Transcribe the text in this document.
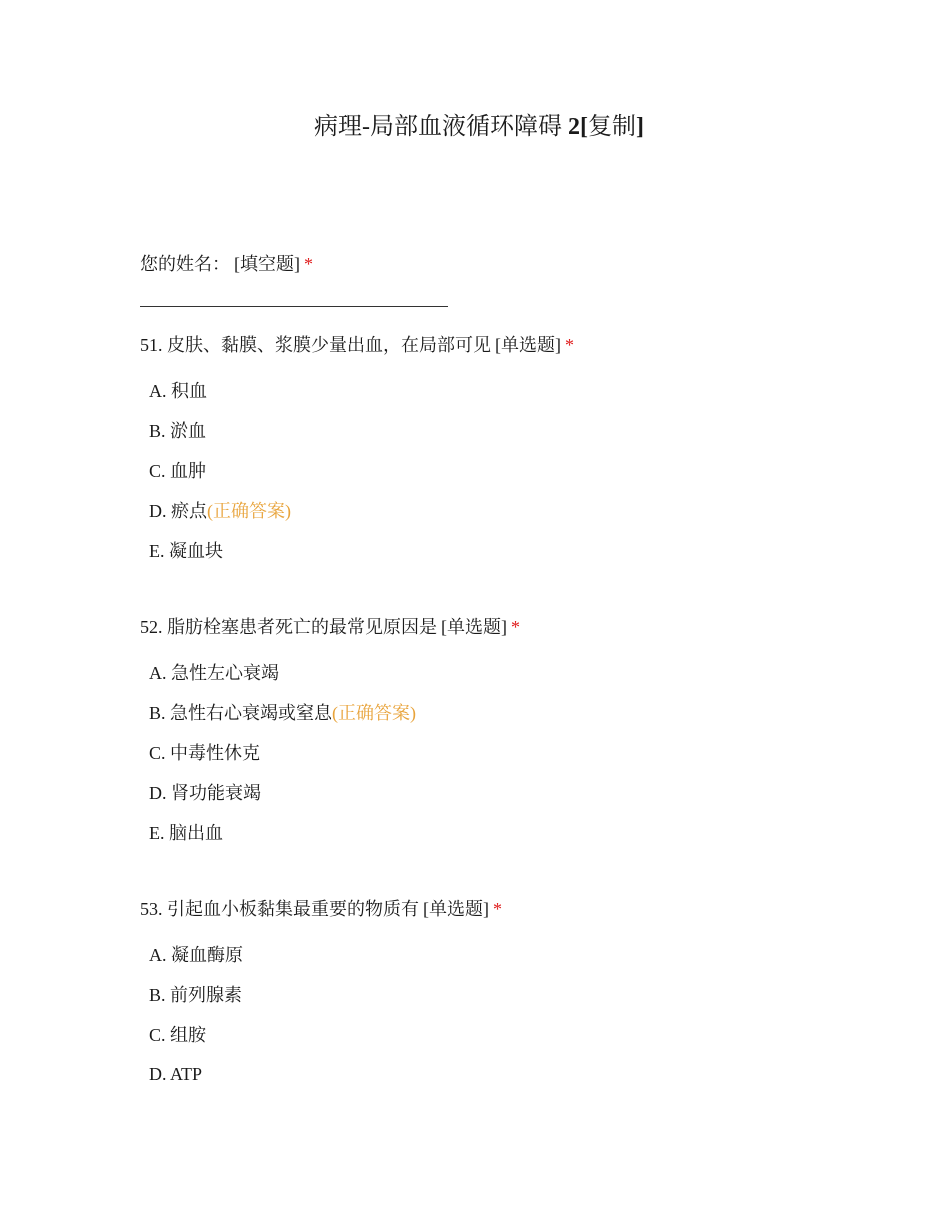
病理-局部血液循环障碍 2[复制]
您的姓名： [填空题] *
51. 皮肤、黏膜、浆膜少量出血，在局部可见 [单选题] *
A. 积血
B. 淤血
C. 血肿
D. 瘀点(正确答案)
E. 凝血块
52. 脂肪栓塞患者死亡的最常见原因是 [单选题] *
A. 急性左心衰竭
B. 急性右心衰竭或窒息(正确答案)
C. 中毒性休克
D. 肾功能衰竭
E. 脑出血
53. 引起血小板黏集最重要的物质有 [单选题] *
A. 凝血酶原
B. 前列腺素
C. 组胺
D. ATP
